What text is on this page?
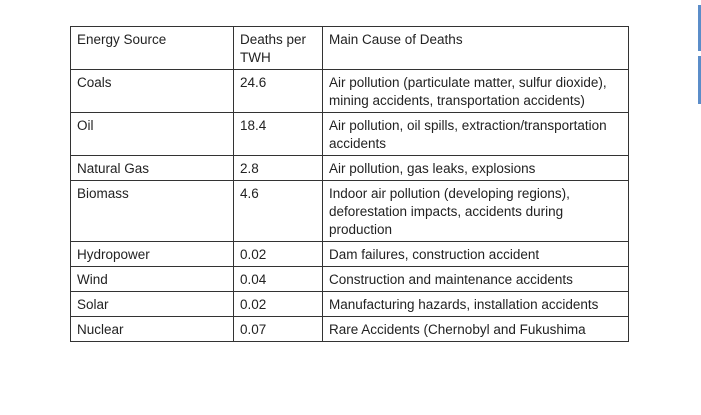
Energy Source	Deaths per TWH	Main Cause of Deaths
Coals	24.6	Air pollution (particulate matter, sulfur dioxide), mining accidents, transportation accidents)
Oil	18.4	Air pollution, oil spills, extraction/transportation accidents
Natural Gas	2.8	Air pollution, gas leaks, explosions
Biomass	4.6	Indoor air pollution (developing regions), deforestation impacts, accidents during production
Hydropower	0.02	Dam failures, construction accident
Wind	0.04	Construction and maintenance accidents
Solar	0.02	Manufacturing hazards, installation accidents
Nuclear	0.07	Rare Accidents (Chernobyl and Fukushima
